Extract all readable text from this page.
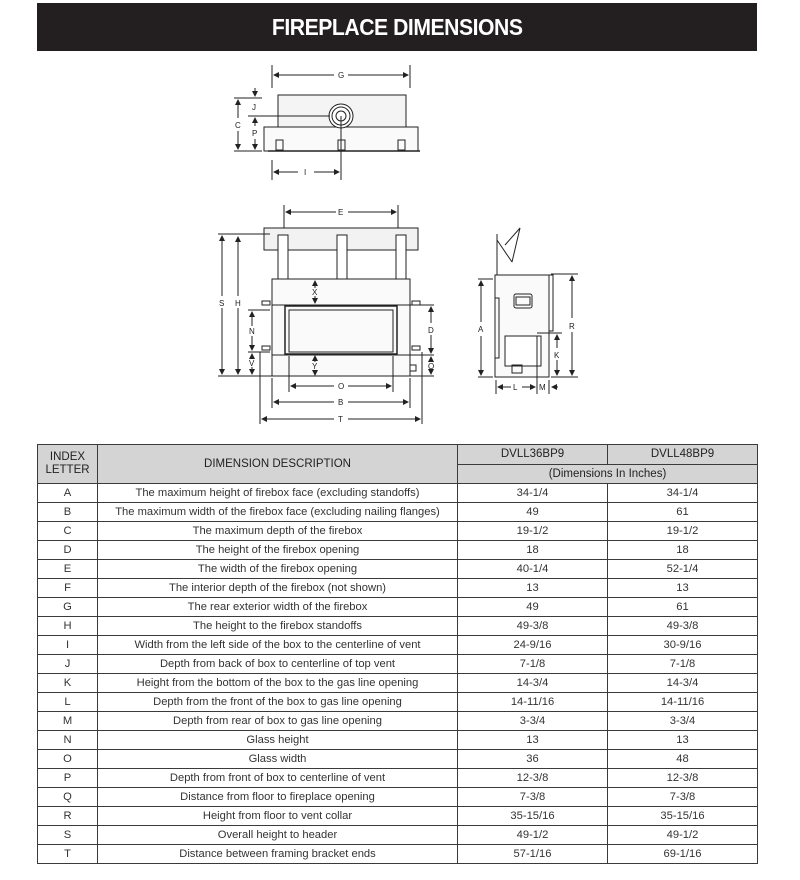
FIREPLACE DIMENSIONS
G
J
C
P
I
E
S H
X
N
V
D
Y	Q
O
B
T
A	R
K
L	M
INDEX
LETTER	DIMENSION DESCRIPTION	DVLL36BP9	DVLL48BP9
		(Dimensions In Inches)	
A	The maximum height of firebox face (excluding standoffs)	34-1/4	34-1/4
B	The maximum width of the firebox face (excluding nailing flanges)	49	61
C	The maximum depth of the firebox	19-1/2	19-1/2
D	The height of the firebox opening	18	18
E	The width of the firebox opening	40-1/4	52-1/4
F	The interior depth of the firebox (not shown)	13	13
G	The rear exterior width of the firebox	49	61
H	The height to the firebox standoffs	49-3/8	49-3/8
I	Width from the left side of the box to the centerline of vent	24-9/16	30-9/16
J	Depth from back of box to centerline of top vent	7-1/8	7-1/8
K	Height from the bottom of the box to the gas line opening	14-3/4	14-3/4
L	Depth from the front of the box to gas line opening	14-11/16	14-11/16
M	Depth from rear of box to gas line opening	3-3/4	3-3/4
N	Glass height	13	13
O	Glass width	36	48
P	Depth from front of box to centerline of vent	12-3/8	12-3/8
Q	Distance from floor to fireplace opening	7-3/8	7-3/8
R	Height from floor to vent collar	35-15/16	35-15/16
S	Overall height to header	49-1/2	49-1/2
T	Distance between framing bracket ends	57-1/16	69-1/16
